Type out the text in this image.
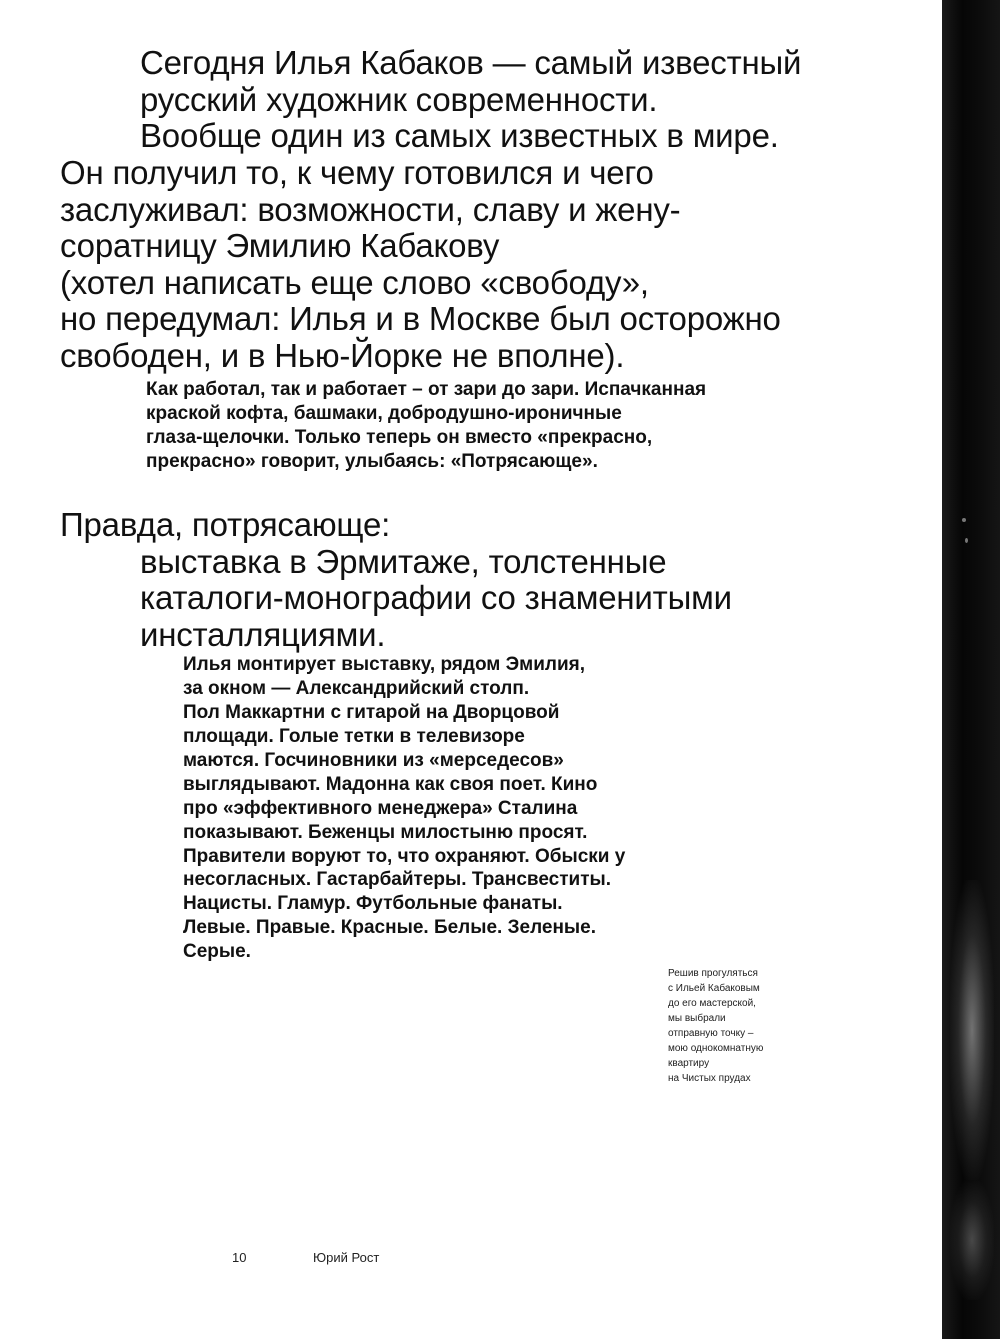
Сегодня Илья Кабаков — самый известный
русский художник современности.
Вообще один из самых известных в мире.
Он получил то, к чему готовился и чего
заслуживал: возможности, славу и жену-
соратницу Эмилию Кабакову
(хотел написать еще слово «свободу»,
но передумал: Илья и в Москве был осторожно
свободен, и в Нью-Йорке не вполне).
Как работал, так и работает – от зари до зари. Испачканная
краской кофта, башмаки, добродушно-ироничные
глаза-щелочки. Только теперь он вместо «прекрасно,
прекрасно» говорит, улыбаясь: «Потрясающе».
Правда, потрясающе:
выставка в Эрмитаже, толстенные
каталоги-монографии со знаменитыми
инсталляциями.
Илья монтирует выставку, рядом Эмилия,
за окном — Александрийский столп.
Пол Маккартни с гитарой на Дворцовой
площади. Голые тетки в телевизоре
маются. Госчиновники из «мерседесов»
выглядывают. Мадонна как своя поет. Кино
про «эффективного менеджера» Сталина
показывают. Беженцы милостыню просят.
Правители воруют то, что охраняют. Обыски у
несогласных. Гастарбайтеры. Трансвеститы.
Нацисты. Гламур. Футбольные фанаты.
Левые. Правые. Красные. Белые. Зеленые.
Серые.
Решив прогуляться
с Ильей Кабаковым
до его мастерской,
мы выбрали
отправную точку –
мою однокомнатную
квартиру
на Чистых прудах
10	Юрий Рост
